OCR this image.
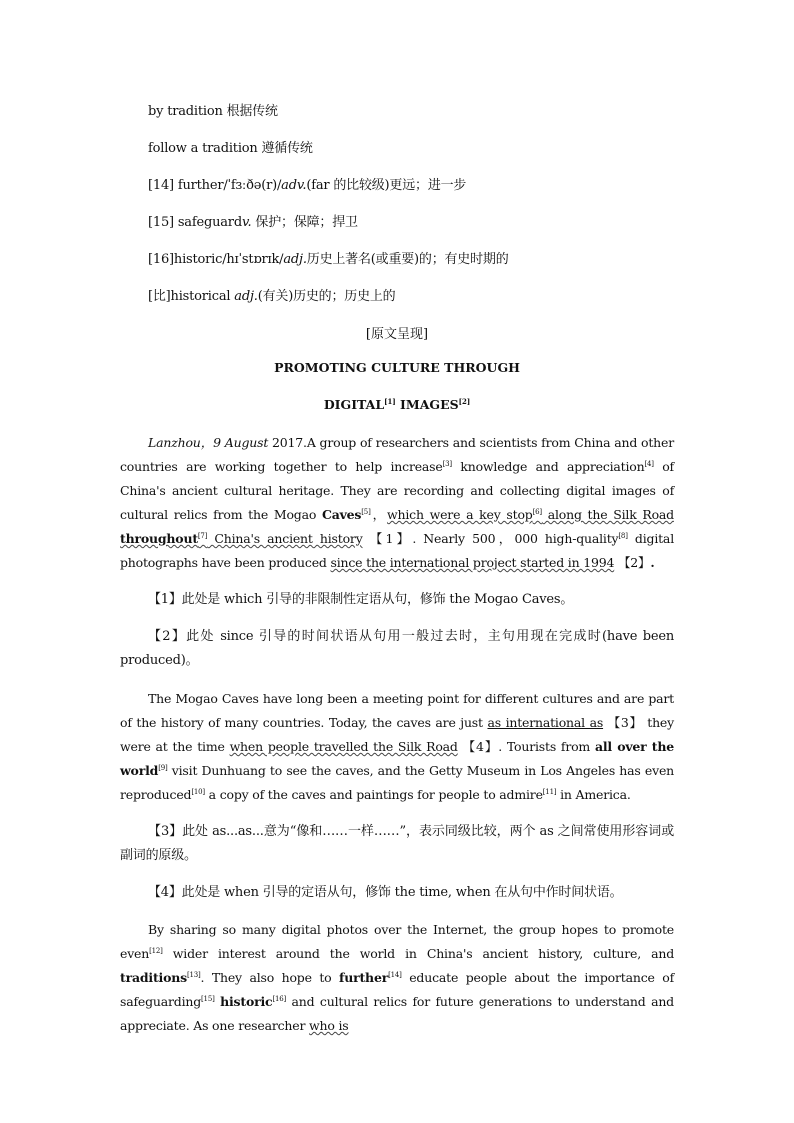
by tradition 根据传统
follow a tradition 遵循传统
[14] further/ˈfɜːðə(r)/adv.(far 的比较级)更远；进一步
[15] safeguardv. 保护；保障；捍卫
[16]historic/hɪˈstɒrɪk/adj.历史上著名(或重要)的；有史时期的
[比]historical adj.(有关)历史的；历史上的
[原文呈现]
PROMOTING CULTURE THROUGH
DIGITAL[1] IMAGES[2]
Lanzhou，9 August 2017.A group of researchers and scientists from China and other countries are working together to help increase[3] knowledge and appreciation[4] of China's ancient cultural heritage. They are recording and collecting digital images of cultural relics from the Mogao Caves[5]，which were a key stop[6] along the Silk Road throughout[7] China's ancient history 【1】. Nearly 500，000 high-quality[8] digital photographs have been produced since the international project started in 1994 【2】.
【1】此处是 which 引导的非限制性定语从句，修饰 the Mogao Caves。
【2】此处 since 引导的时间状语从句用一般过去时，主句用现在完成时(have been produced)。
The Mogao Caves have long been a meeting point for different cultures and are part of the history of many countries. Today, the caves are just as international as 【3】 they were at the time when people travelled the Silk Road 【4】. Tourists from all over the world[9] visit Dunhuang to see the caves, and the Getty Museum in Los Angeles has even reproduced[10] a copy of the caves and paintings for people to admire[11] in America.
【3】此处 as...as...意为“像和……一样……”，表示同级比较，两个 as 之间常使用形容词或副词的原级。
【4】此处是 when 引导的定语从句，修饰 the time, when 在从句中作时间状语。
By sharing so many digital photos over the Internet, the group hopes to promote even[12] wider interest around the world in China's ancient history, culture, and traditions[13]. They also hope to further[14] educate people about the importance of safeguarding[15] historic[16] and cultural relics for future generations to understand and appreciate. As one researcher who is
